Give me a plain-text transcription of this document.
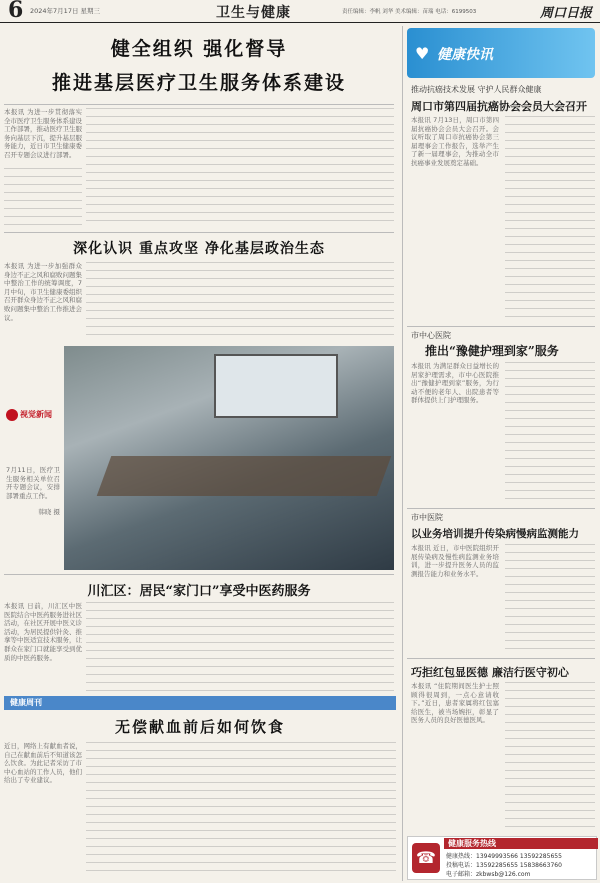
6 2024年7月17日 星期三	卫生与健康	责任编辑：李帆 刘华 美术编辑：苗瑞 电话：6199503	周口日报
健全组织 强化督导
推进基层医疗卫生服务体系建设
本报讯 为进一步贯彻落实全市医疗卫生服务体系建设工作部署，推动医疗卫生服务向基层下沉，提升基层服务能力，近日市卫生健康委召开专题会议进行部署。
深化认识 重点攻坚 净化基层政治生态
本报讯 为进一步加强群众身边不正之风和腐败问题集中整治工作的统筹调度，7月中旬，市卫生健康委组织召开群众身边不正之风和腐败问题集中整治工作推进会议。
视觉新闻
7月11日，医疗卫生服务相关单位召开专题会议，安排部署重点工作。
韩晓 摄
川汇区：居民“家门口”享受中医药服务
本报讯 日前，川汇区中医医院结合中医药服务进社区活动，在社区开展中医义诊活动，为居民提供针灸、推拿等中医适宜技术服务，让群众在家门口就能享受到优质的中医药服务。
健康周刊
无偿献血前后如何饮食
近日，网络上有献血者说，自己在献血前后不知道该怎么饮食。为此记者采访了市中心血站的工作人员，他们给出了专业建议。
♥ 健康快讯
推动抗癌技术发展 守护人民群众健康
周口市第四届抗癌协会会员大会召开
本报讯 7月13日，周口市第四届抗癌协会会员大会召开。会议听取了周口市抗癌协会第三届理事会工作报告，选举产生了新一届理事会，为推动全市抗癌事业发展奠定基础。
市中心医院
推出“豫健护理到家”服务
本报讯 为满足群众日益增长的居家护理需求，市中心医院推出“豫健护理到家”服务，为行动不便的老年人、出院患者等群体提供上门护理服务。
市中医院
以业务培训提升传染病慢病监测能力
本报讯 近日，市中医院组织开展传染病及慢性病监测业务培训，进一步提升医务人员的监测报告能力和业务水平。
巧拒红包显医德 廉洁行医守初心
本报讯 “住院期间医生护士照顾得很周到，一点心意请收下。”近日，患者家属将红包塞给医生，被当场婉拒，彰显了医务人员的良好医德医风。
☎
健康服务热线
健康热线：13949993566 13592285655
投稿电话：13592285655 15838663760
电子邮箱：zkbwsb@126.com
